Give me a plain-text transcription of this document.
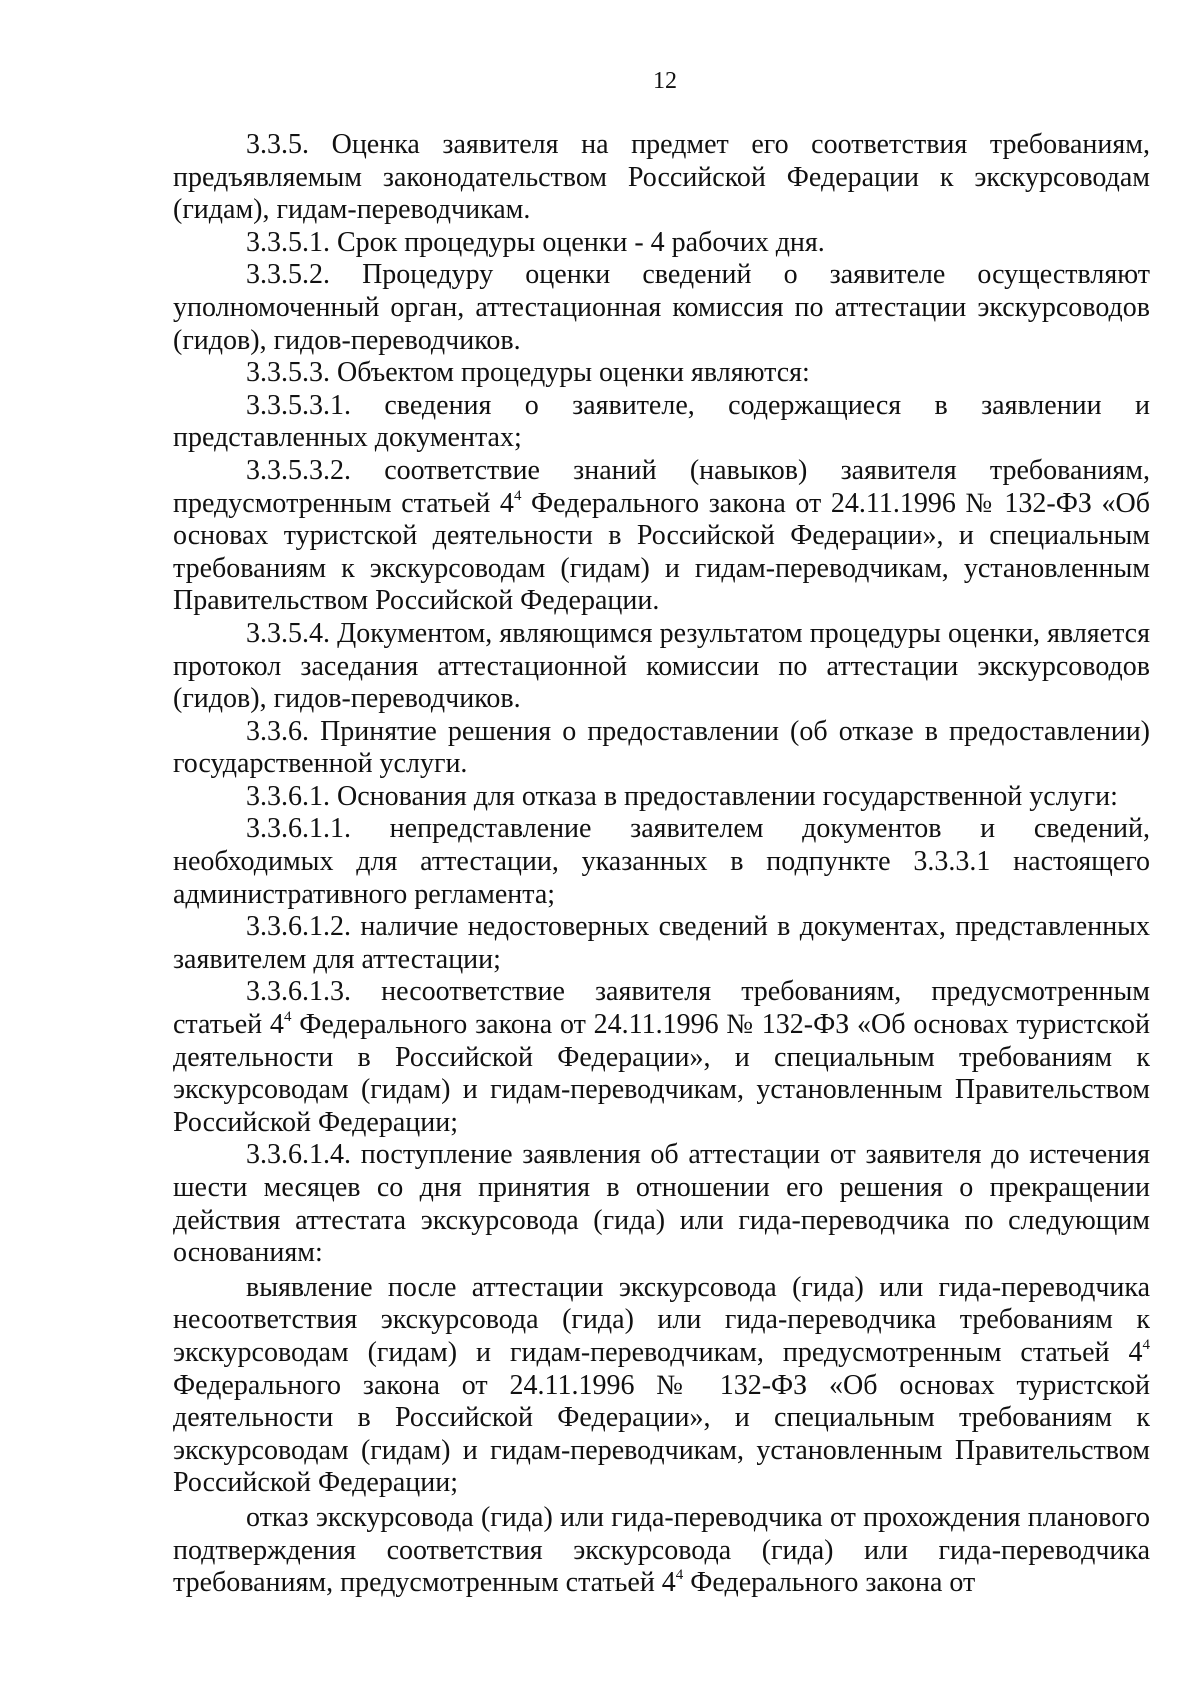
12

3.3.5. Оценка заявителя на предмет его соответствия требованиям, предъявляемым законодательством Российской Федерации к экскурсоводам (гидам), гидам-переводчикам.

3.3.5.1. Срок процедуры оценки - 4 рабочих дня.

3.3.5.2. Процедуру оценки сведений о заявителе осуществляют уполномоченный орган, аттестационная комиссия по аттестации экскурсоводов (гидов), гидов-переводчиков.

3.3.5.3. Объектом процедуры оценки являются:

3.3.5.3.1. сведения о заявителе, содержащиеся в заявлении и представленных документах;

3.3.5.3.2. соответствие знаний (навыков) заявителя требованиям, предусмотренным статьей $4^4$ Федерального закона от 24.11.1996 № 132-ФЗ «Об основах туристской деятельности в Российской Федерации», и специальным требованиям к экскурсоводам (гидам) и гидам-переводчикам, установленным Правительством Российской Федерации.

3.3.5.4. Документом, являющимся результатом процедуры оценки, является протокол заседания аттестационной комиссии по аттестации экскурсоводов (гидов), гидов-переводчиков.

3.3.6. Принятие решения о предоставлении (об отказе в предоставлении) государственной услуги.

3.3.6.1. Основания для отказа в предоставлении государственной услуги:

3.3.6.1.1. непредставление заявителем документов и сведений, необходимых для аттестации, указанных в подпункте 3.3.3.1 настоящего административного регламента;

3.3.6.1.2. наличие недостоверных сведений в документах, представленных заявителем для аттестации;

3.3.6.1.3. несоответствие заявителя требованиям, предусмотренным статьей $4^4$ Федерального закона от 24.11.1996 № 132-ФЗ «Об основах туристской деятельности в Российской Федерации», и специальным требованиям к экскурсоводам (гидам) и гидам-переводчикам, установленным Правительством Российской Федерации;

3.3.6.1.4. поступление заявления об аттестации от заявителя до истечения шести месяцев со дня принятия в отношении его решения о прекращении действия аттестата экскурсовода (гида) или гида-переводчика по следующим основаниям:

выявление после аттестации экскурсовода (гида) или гида-переводчика несоответствия экскурсовода (гида) или гида-переводчика требованиям к экскурсоводам (гидам) и гидам-переводчикам, предусмотренным статьей $4^4$ Федерального закона от 24.11.1996 № 132-ФЗ «Об основах туристской деятельности в Российской Федерации», и специальным требованиям к экскурсоводам (гидам) и гидам-переводчикам, установленным Правительством Российской Федерации;

отказ экскурсовода (гида) или гида-переводчика от прохождения планового подтверждения соответствия экскурсовода (гида) или гида-переводчика требованиям, предусмотренным статьей $4^4$ Федерального закона от
